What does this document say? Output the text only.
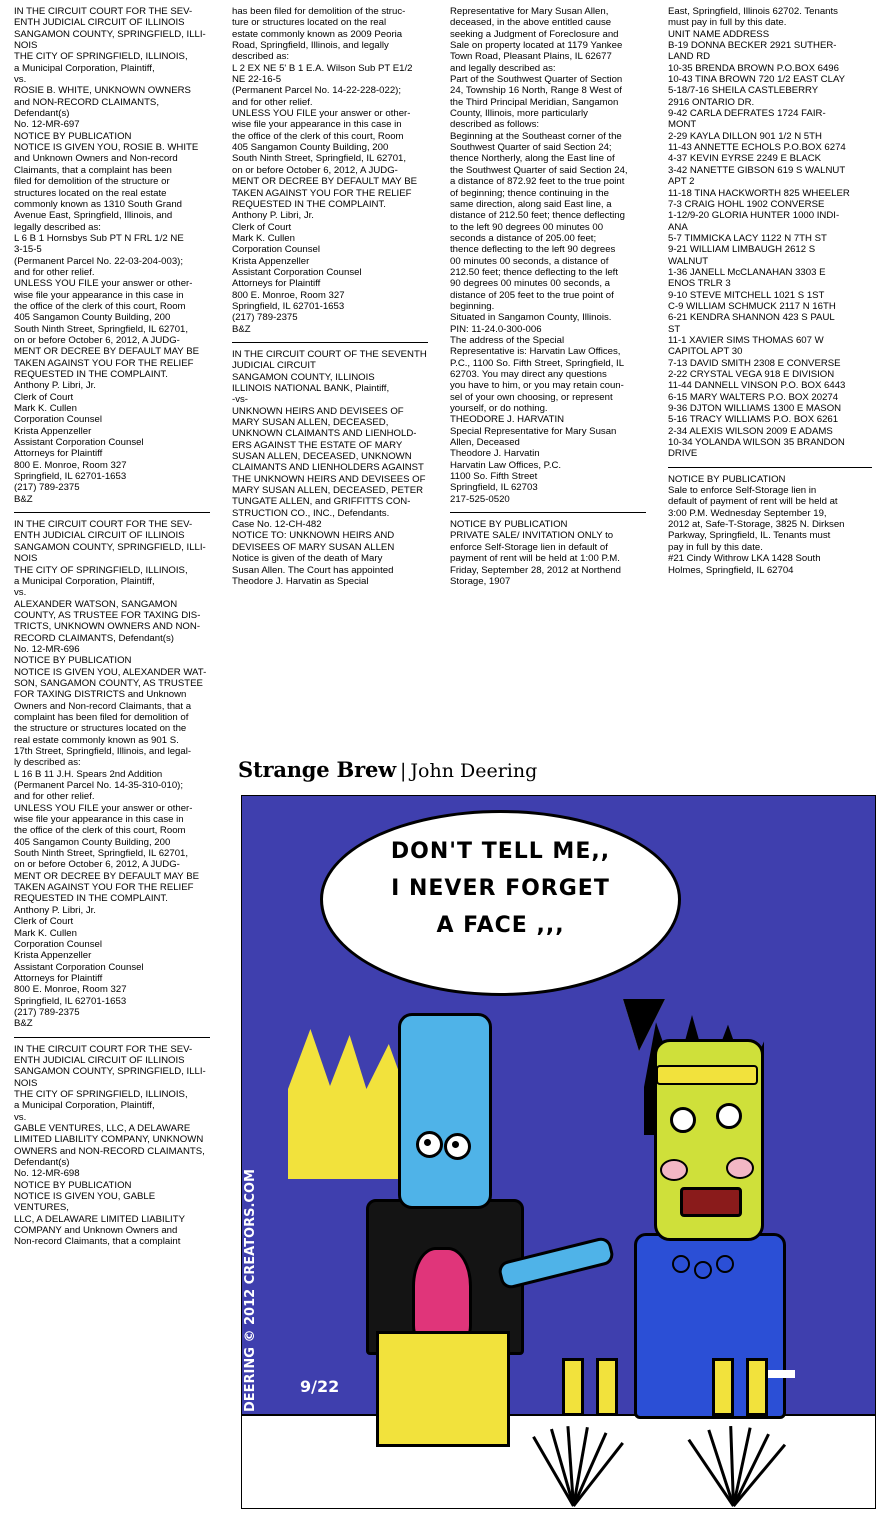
IN THE CIRCUIT COURT FOR THE SEV-
ENTH JUDICIAL CIRCUIT OF ILLINOIS
SANGAMON COUNTY, SPRINGFIELD, ILLI-
NOIS
THE CITY OF SPRINGFIELD, ILLINOIS,
a Municipal Corporation, Plaintiff,
vs.
ROSIE B. WHITE, UNKNOWN OWNERS
and NON-RECORD CLAIMANTS,
Defendant(s)
No. 12-MR-697
NOTICE BY PUBLICATION
NOTICE IS GIVEN YOU, ROSIE B. WHITE
and Unknown Owners and Non-record
Claimants, that a complaint has been
filed for demolition of the structure or
structures located on the real estate
commonly known as 1310 South Grand
Avenue East, Springfield, Illinois, and
legally described as:
L 6 B 1 Hornsbys Sub PT N FRL 1/2 NE
3-15-5
(Permanent Parcel No. 22-03-204-003);
and for other relief.
UNLESS YOU FILE your answer or other-
wise file your appearance in this case in
the office of the clerk of this court, Room
405 Sangamon County Building, 200
South Ninth Street, Springfield, IL 62701,
on or before October 6, 2012, A JUDG-
MENT OR DECREE BY DEFAULT MAY BE
TAKEN AGAINST YOU FOR THE RELIEF
REQUESTED IN THE COMPLAINT.
Anthony P. Libri, Jr.
Clerk of Court
Mark K. Cullen
Corporation Counsel
Krista Appenzeller
Assistant Corporation Counsel
Attorneys for Plaintiff
800 E. Monroe, Room 327
Springfield, IL 62701-1653
(217) 789-2375
B&Z
IN THE CIRCUIT COURT FOR THE SEV-
ENTH JUDICIAL CIRCUIT OF ILLINOIS
SANGAMON COUNTY, SPRINGFIELD, ILLI-
NOIS
THE CITY OF SPRINGFIELD, ILLINOIS,
a Municipal Corporation, Plaintiff,
vs.
ALEXANDER WATSON, SANGAMON
COUNTY, AS TRUSTEE FOR TAXING DIS-
TRICTS, UNKNOWN OWNERS AND NON-
RECORD CLAIMANTS, Defendant(s)
No. 12-MR-696
NOTICE BY PUBLICATION
NOTICE IS GIVEN YOU, ALEXANDER WAT-
SON, SANGAMON COUNTY, AS TRUSTEE
FOR TAXING DISTRICTS and Unknown
Owners and Non-record Claimants, that a
complaint has been filed for demolition of
the structure or structures located on the
real estate commonly known as 901 S.
17th Street, Springfield, Illinois, and legal-
ly described as:
L 16 B 11 J.H. Spears 2nd Addition
(Permanent Parcel No. 14-35-310-010);
and for other relief.
UNLESS YOU FILE your answer or other-
wise file your appearance in this case in
the office of the clerk of this court, Room
405 Sangamon County Building, 200
South Ninth Street, Springfield, IL 62701,
on or before October 6, 2012, A JUDG-
MENT OR DECREE BY DEFAULT MAY BE
TAKEN AGAINST YOU FOR THE RELIEF
REQUESTED IN THE COMPLAINT.
Anthony P. Libri, Jr.
Clerk of Court
Mark K. Cullen
Corporation Counsel
Krista Appenzeller
Assistant Corporation Counsel
Attorneys for Plaintiff
800 E. Monroe, Room 327
Springfield, IL 62701-1653
(217) 789-2375
B&Z
IN THE CIRCUIT COURT FOR THE SEV-
ENTH JUDICIAL CIRCUIT OF ILLINOIS
SANGAMON COUNTY, SPRINGFIELD, ILLI-
NOIS
THE CITY OF SPRINGFIELD, ILLINOIS,
a Municipal Corporation, Plaintiff,
vs.
GABLE VENTURES, LLC, A DELAWARE
LIMITED LIABILITY COMPANY, UNKNOWN
OWNERS and NON-RECORD CLAIMANTS,
Defendant(s)
No. 12-MR-698
NOTICE BY PUBLICATION
NOTICE IS GIVEN YOU, GABLE VENTURES,
LLC, A DELAWARE LIMITED LIABILITY
COMPANY and Unknown Owners and
Non-record Claimants, that a complaint
has been filed for demolition of the struc-
ture or structures located on the real
estate commonly known as 2009 Peoria
Road, Springfield, Illinois, and legally
described as:
L 2 EX NE 5' B 1 E.A. Wilson Sub PT E1/2
NE 22-16-5
(Permanent Parcel No. 14-22-228-022);
and for other relief.
UNLESS YOU FILE your answer or other-
wise file your appearance in this case in
the office of the clerk of this court, Room
405 Sangamon County Building, 200
South Ninth Street, Springfield, IL 62701,
on or before October 6, 2012, A JUDG-
MENT OR DECREE BY DEFAULT MAY BE
TAKEN AGAINST YOU FOR THE RELIEF
REQUESTED IN THE COMPLAINT.
Anthony P. Libri, Jr.
Clerk of Court
Mark K. Cullen
Corporation Counsel
Krista Appenzeller
Assistant Corporation Counsel
Attorneys for Plaintiff
800 E. Monroe, Room 327
Springfield, IL 62701-1653
(217) 789-2375
B&Z
IN THE CIRCUIT COURT OF THE SEVENTH
JUDICIAL CIRCUIT
SANGAMON COUNTY, ILLINOIS
ILLINOIS NATIONAL BANK, Plaintiff,
-vs-
UNKNOWN HEIRS AND DEVISEES OF
MARY SUSAN ALLEN, DECEASED,
UNKNOWN CLAIMANTS AND LIENHOLD-
ERS AGAINST THE ESTATE OF MARY
SUSAN ALLEN, DECEASED, UNKNOWN
CLAIMANTS AND LIENHOLDERS AGAINST
THE UNKNOWN HEIRS AND DEVISEES OF
MARY SUSAN ALLEN, DECEASED, PETER
TUNGATE ALLEN, and GRIFFITTS CON-
STRUCTION CO., INC., Defendants.
Case No. 12-CH-482
NOTICE TO: UNKNOWN HEIRS AND
DEVISEES OF MARY SUSAN ALLEN
Notice is given of the death of Mary
Susan Allen. The Court has appointed
Theodore J. Harvatin as Special
Representative for Mary Susan Allen,
deceased, in the above entitled cause
seeking a Judgment of Foreclosure and
Sale on property located at 1179 Yankee
Town Road, Pleasant Plains, IL 62677
and legally described as:
Part of the Southwest Quarter of Section
24, Township 16 North, Range 8 West of
the Third Principal Meridian, Sangamon
County, Illinois, more particularly
described as follows:
Beginning at the Southeast corner of the
Southwest Quarter of said Section 24;
thence Northerly, along the East line of
the Southwest Quarter of said Section 24,
a distance of 872.92 feet to the true point
of beginning; thence continuing in the
same direction, along said East line, a
distance of 212.50 feet; thence deflecting
to the left 90 degrees 00 minutes 00
seconds a distance of 205.00 feet;
thence deflecting to the left 90 degrees
00 minutes 00 seconds, a distance of
212.50 feet; thence deflecting to the left
90 degrees 00 minutes 00 seconds, a
distance of 205 feet to the true point of
beginning.
Situated in Sangamon County, Illinois.
PIN: 11-24.0-300-006
The address of the Special
Representative is: Harvatin Law Offices,
P.C., 1100 So. Fifth Street, Springfield, IL
62703. You may direct any questions
you have to him, or you may retain coun-
sel of your own choosing, or represent
yourself, or do nothing.
THEODORE J. HARVATIN
Special Representative for Mary Susan
Allen, Deceased
Theodore J. Harvatin
Harvatin Law Offices, P.C.
1100 So. Fifth Street
Springfield, IL 62703
217-525-0520
NOTICE BY PUBLICATION
PRIVATE SALE/ INVITATION ONLY to
enforce Self-Storage lien in default of
payment of rent will be held at 1:00 P.M.
Friday, September 28, 2012 at Northend
Storage, 1907
East, Springfield, Illinois 62702. Tenants
must pay in full by this date.
UNIT NAME ADDRESS
B-19 DONNA BECKER 2921 SUTHER-
LAND RD
10-35 BRENDA BROWN P.O.BOX 6496
10-43 TINA BROWN 720 1/2 EAST CLAY
5-18/7-16 SHEILA CASTLEBERRY
2916 ONTARIO DR.
9-42 CARLA DEFRATES 1724 FAIR-
MONT
2-29 KAYLA DILLON 901 1/2 N 5TH
11-43 ANNETTE ECHOLS P.O.BOX 6274
4-37 KEVIN EYRSE 2249 E BLACK
3-42 NANETTE GIBSON 619 S WALNUT
APT 2
11-18 TINA HACKWORTH 825 WHEELER
7-3 CRAIG HOHL 1902 CONVERSE
1-12/9-20 GLORIA HUNTER 1000 INDI-
ANA
5-7 TIMMICKA LACY 1122 N 7TH ST
9-21 WILLIAM LIMBAUGH 2612 S
WALNUT
1-36 JANELL McCLANAHAN 3303 E
ENOS TRLR 3
9-10 STEVE MITCHELL 1021 S 1ST
C-9 WILLIAM SCHMUCK 2117 N 16TH
6-21 KENDRA SHANNON 423 S PAUL
ST
11-1 XAVIER SIMS THOMAS 607 W
CAPITOL APT 30
7-13 DAVID SMITH 2308 E CONVERSE
2-22 CRYSTAL VEGA 918 E DIVISION
11-44 DANNELL VINSON P.O. BOX 6443
6-15 MARY WALTERS P.O. BOX 20274
9-36 DJTON WILLIAMS 1300 E MASON
5-16 TRACY WILLIAMS P.O. BOX 6261
2-34 ALEXIS WILSON 2009 E ADAMS
10-34 YOLANDA WILSON 35 BRANDON
DRIVE
NOTICE BY PUBLICATION
Sale to enforce Self-Storage lien in
default of payment of rent will be held at
3:00 P.M. Wednesday September 19,
2012 at, Safe-T-Storage, 3825 N. Dirksen
Parkway, Springfield, IL. Tenants must
pay in full by this date.
#21 Cindy Withrow LKA 1428 South
Holmes, Springfield, IL 62704
Strange Brew | John Deering
DON'T TELL ME,,
I NEVER FORGET
A FACE ,,,
DEERING © 2012 CREATORS.COM	9/22
